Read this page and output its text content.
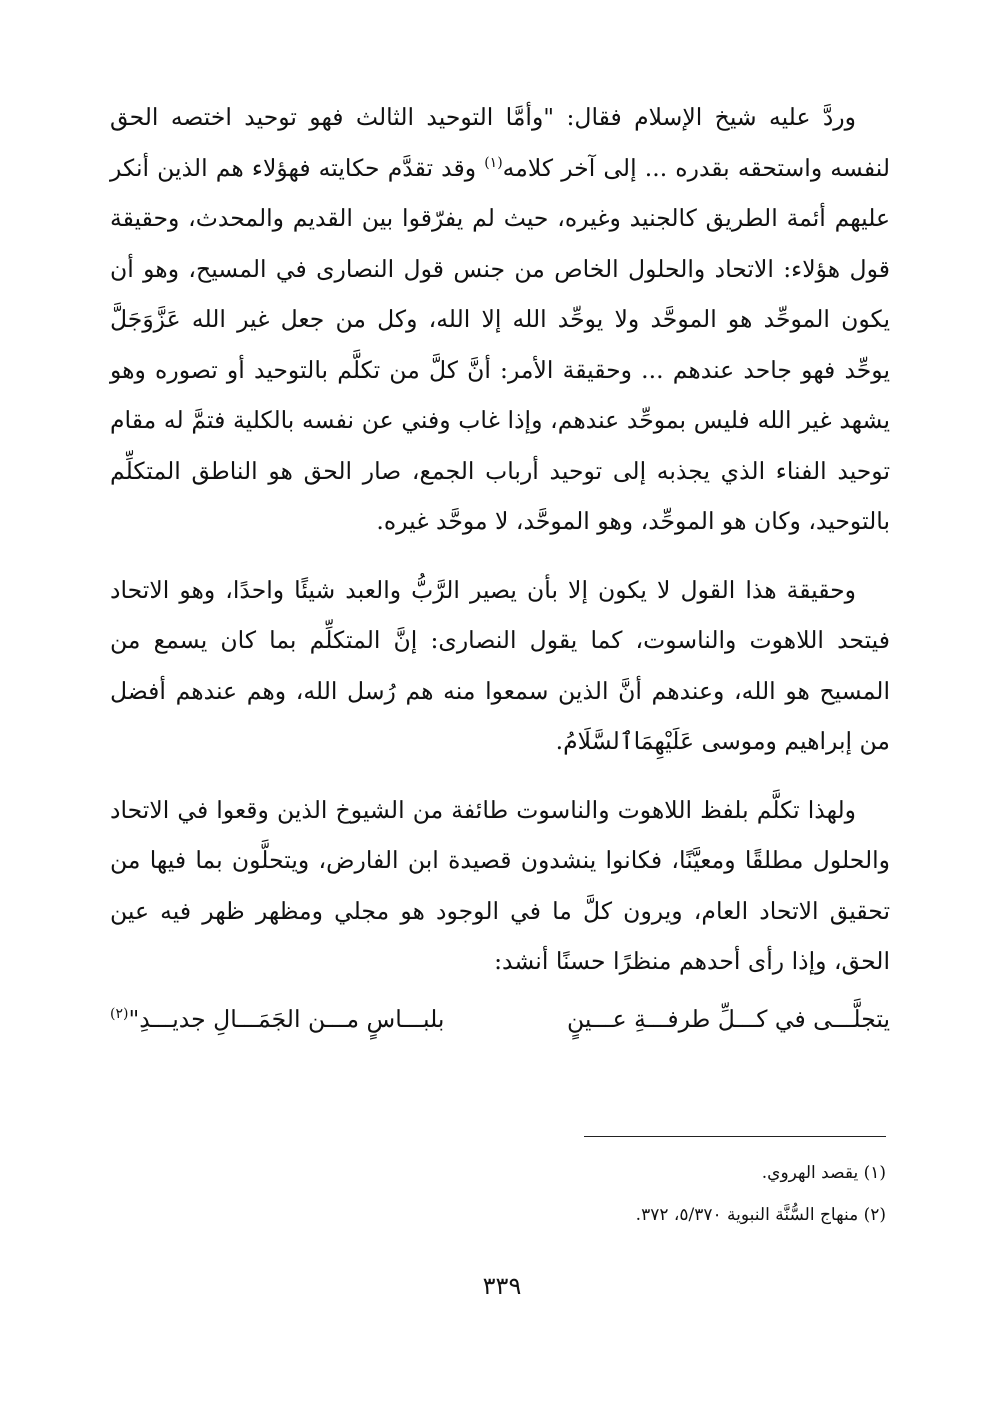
وردَّ عليه شيخ الإسلام فقال: "وأمَّا التوحيد الثالث فهو توحيد اختصه الحق لنفسه واستحقه بقدره ... إلى آخر كلامه$^{(١)}$ وقد تقدَّم حكايته فهؤلاء هم الذين أنكر عليهم أئمة الطريق كالجنيد وغيره، حيث لم يفرّقوا بين القديم والمحدث، وحقيقة قول هؤلاء: الاتحاد والحلول الخاص من جنس قول النصارى في المسيح، وهو أن يكون الموحِّد هو الموحَّد ولا يوحِّد الله إلا الله، وكل من جعل غير الله عَزَّوَجَلَّ يوحِّد فهو جاحد عندهم ... وحقيقة الأمر: أنَّ كلَّ من تكلَّم بالتوحيد أو تصوره وهو يشهد غير الله فليس بموحِّد عندهم، وإذا غاب وفني عن نفسه بالكلية فتمَّ له مقام توحيد الفناء الذي يجذبه إلى توحيد أرباب الجمع، صار الحق هو الناطق المتكلِّم بالتوحيد، وكان هو الموحِّد، وهو الموحَّد، لا موحَّد غيره.

وحقيقة هذا القول لا يكون إلا بأن يصير الرَّبُّ والعبد شيئًا واحدًا، وهو الاتحاد فيتحد اللاهوت والناسوت، كما يقول النصارى: إنَّ المتكلِّم بما كان يسمع من المسيح هو الله، وعندهم أنَّ الذين سمعوا منه هم رُسل الله، وهم عندهم أفضل من إبراهيم وموسى عَلَيْهِمَاٱلسَّلَامُ.

ولهذا تكلَّم بلفظ اللاهوت والناسوت طائفة من الشيوخ الذين وقعوا في الاتحاد والحلول مطلقًا ومعيَّنًا، فكانوا ينشدون قصيدة ابن الفارض، ويتحلَّون بما فيها من تحقيق الاتحاد العام، ويرون كلَّ ما في الوجود هو مجلي ومظهر ظهر فيه عين الحق، وإذا رأى أحدهم منظرًا حسنًا أنشد:

يتجلَّـــى في كـــلِّ طرفـــةِ عـــينٍ
بلبـــاسٍ مـــن الجَمَـــالِ جديـــدِ"$^{(٢)}$

(١) يقصد الهروي.

(٢) منهاج السُّنَّة النبوية ٥/٣٧٠، ٣٧٢.

٣٣٩
